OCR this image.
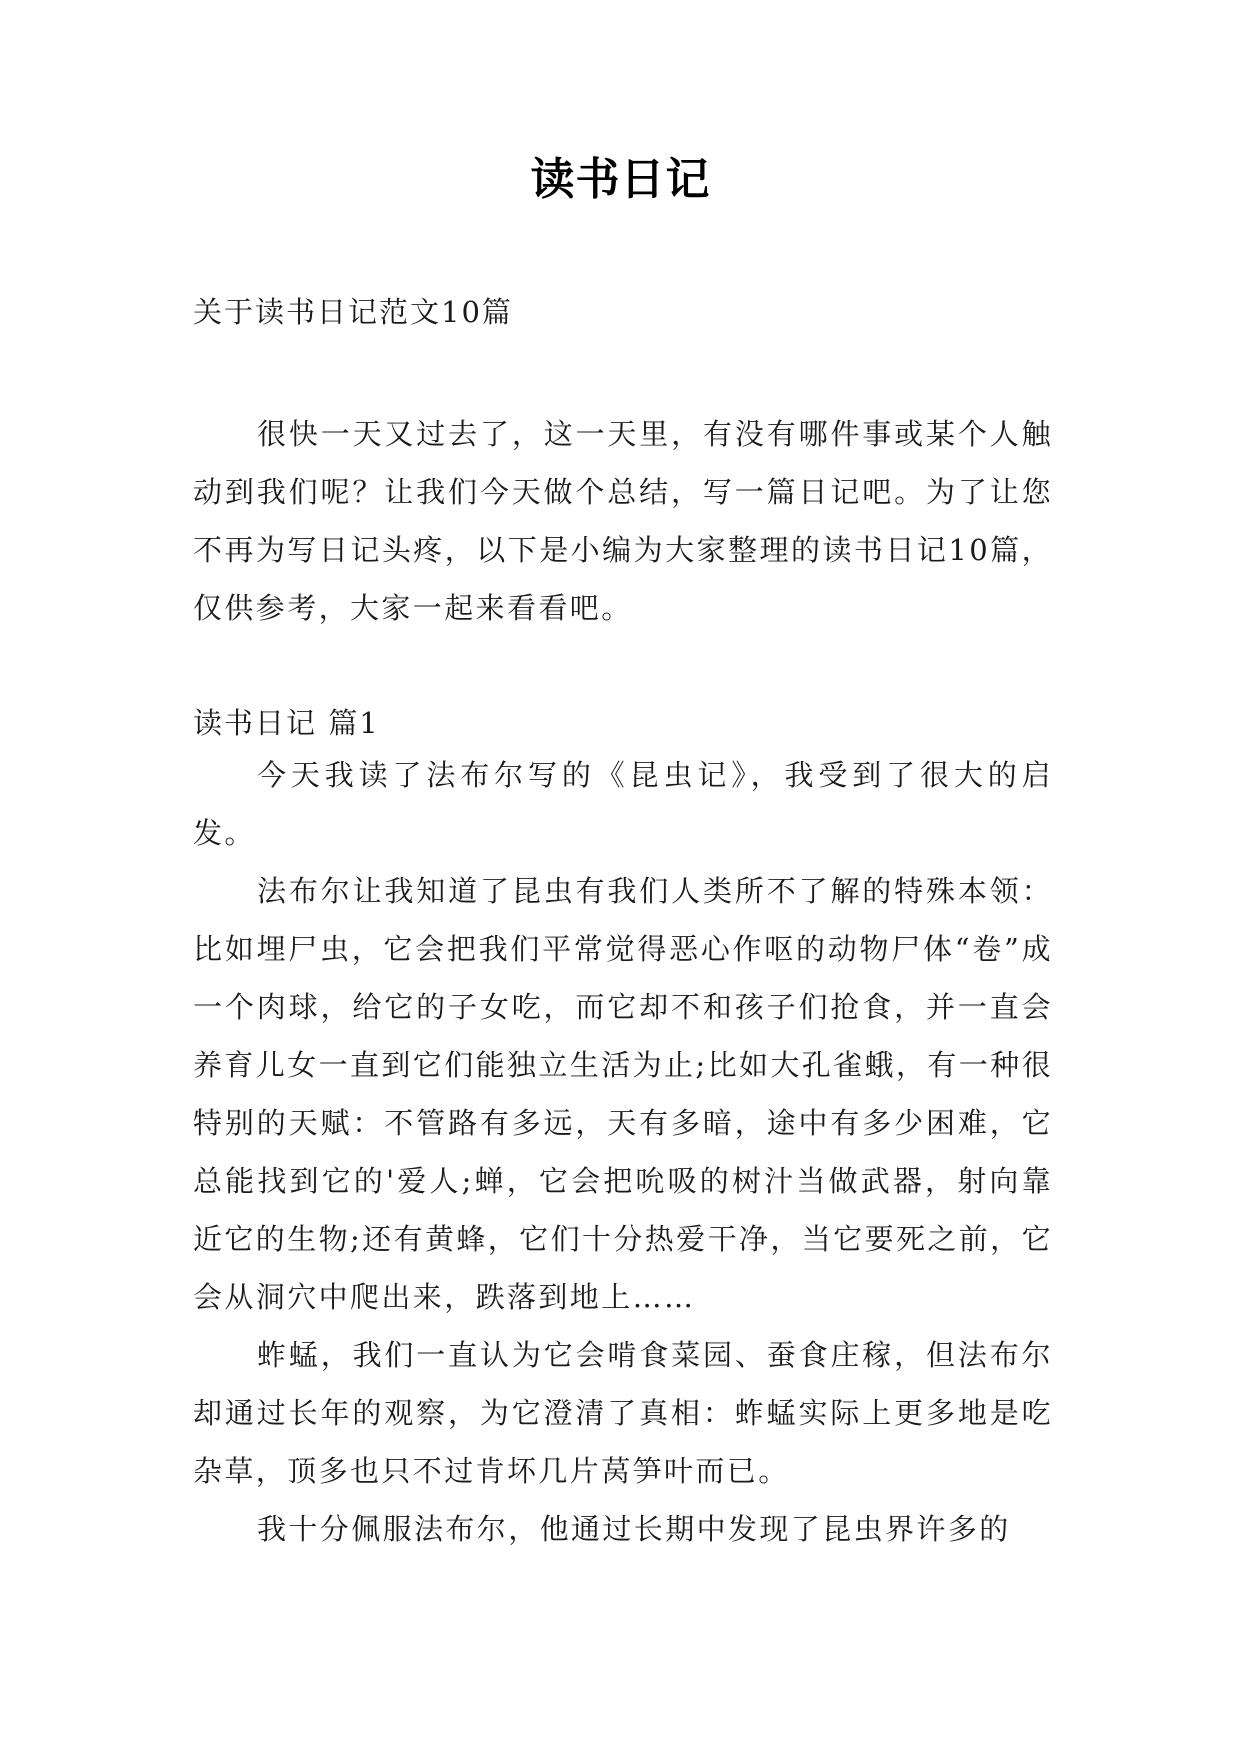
读书日记
关于读书日记范文10篇

很快一天又过去了，这一天里，有没有哪件事或某个人触动到我们呢？让我们今天做个总结，写一篇日记吧。为了让您不再为写日记头疼，以下是小编为大家整理的读书日记10篇，仅供参考，大家一起来看看吧。

读书日记 篇1

今天我读了法布尔写的《昆虫记》，我受到了很大的启发。

法布尔让我知道了昆虫有我们人类所不了解的特殊本领：比如埋尸虫，它会把我们平常觉得恶心作呕的动物尸体“卷”成一个肉球，给它的子女吃，而它却不和孩子们抢食，并一直会养育儿女一直到它们能独立生活为止;比如大孔雀蛾，有一种很特别的天赋：不管路有多远，天有多暗，途中有多少困难，它总能找到它的'爱人;蝉，它会把吮吸的树汁当做武器，射向靠近它的生物;还有黄蜂，它们十分热爱干净，当它要死之前，它会从洞穴中爬出来，跌落到地上……

蚱蜢，我们一直认为它会啃食菜园、蚕食庄稼，但法布尔却通过长年的观察，为它澄清了真相：蚱蜢实际上更多地是吃杂草，顶多也只不过肯坏几片莴笋叶而已。

我十分佩服法布尔，他通过长期中发现了昆虫界许多的
